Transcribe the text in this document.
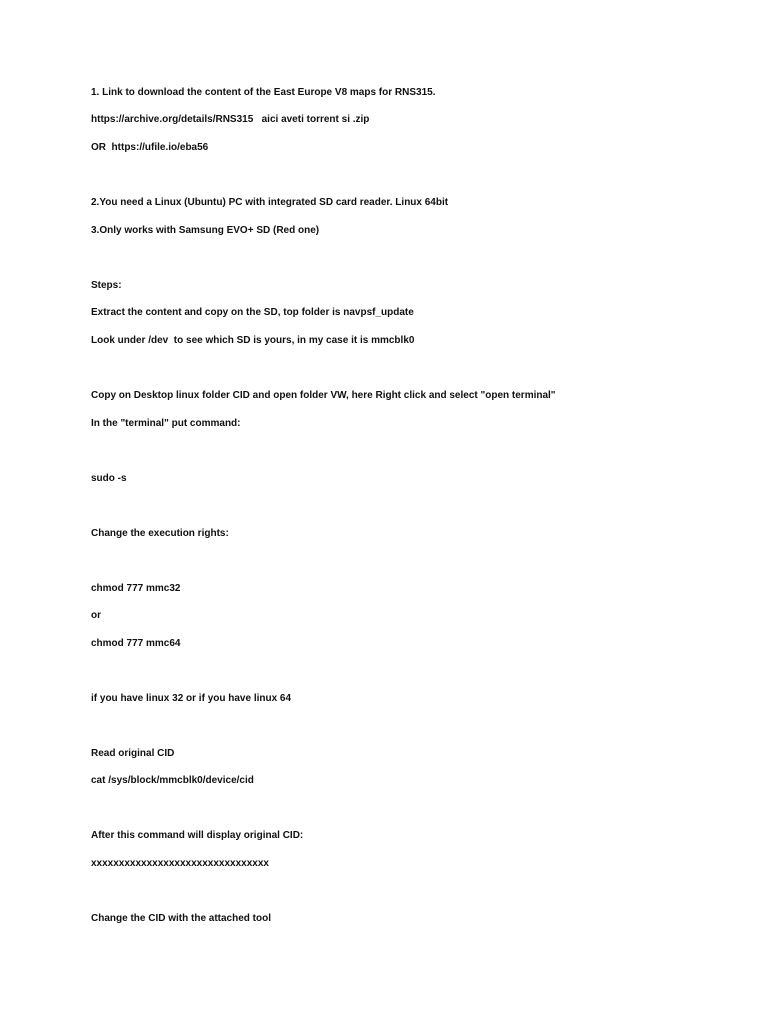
1. Link to download the content of the East Europe V8 maps for RNS315.

https://archive.org/details/RNS315   aici aveti torrent si .zip

OR  https://ufile.io/eba56

2.You need a Linux (Ubuntu) PC with integrated SD card reader. Linux 64bit

3.Only works with Samsung EVO+ SD (Red one)

Steps:

Extract the content and copy on the SD, top folder is navpsf_update

Look under /dev  to see which SD is yours, in my case it is mmcblk0

Copy on Desktop linux folder CID and open folder VW, here Right click and select "open terminal"

In the "terminal" put command:

sudo -s

Change the execution rights:

chmod 777 mmc32

or

chmod 777 mmc64

if you have linux 32 or if you have linux 64

Read original CID

cat /sys/block/mmcblk0/device/cid

After this command will display original CID:

xxxxxxxxxxxxxxxxxxxxxxxxxxxxxxxx

Change the CID with the attached tool
